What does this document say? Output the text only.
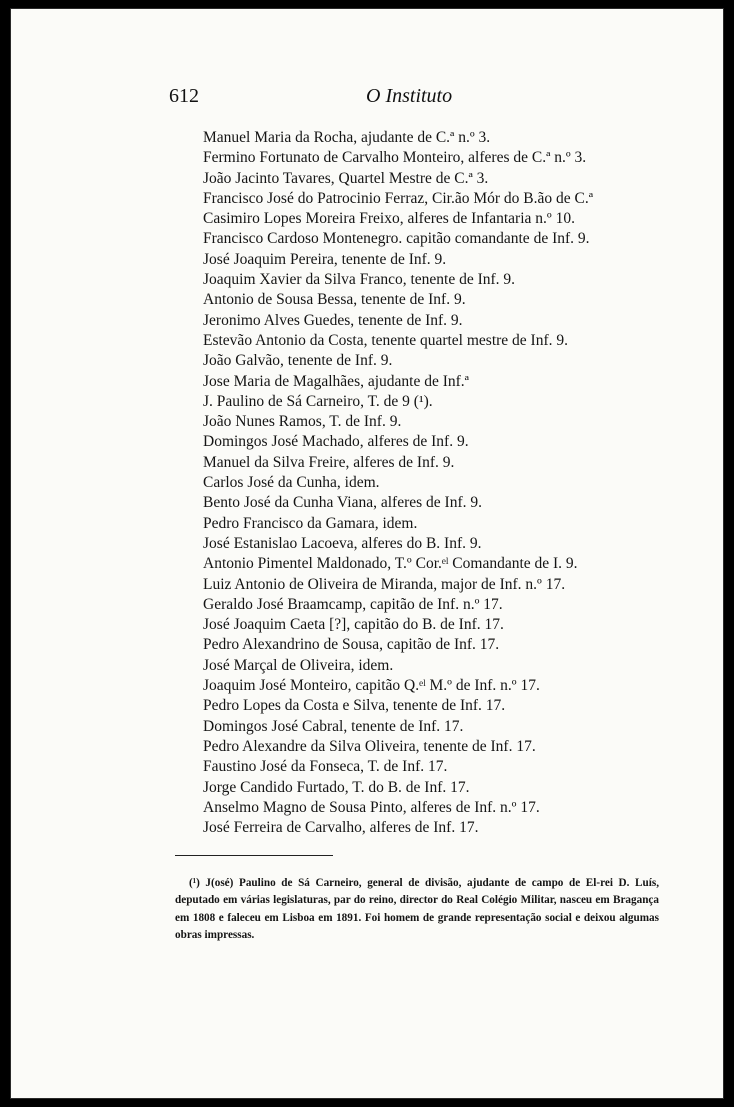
612	O Instituto
Manuel Maria da Rocha, ajudante de C.ª n.º 3.
Fermino Fortunato de Carvalho Monteiro, alferes de C.ª n.º 3.
João Jacinto Tavares, Quartel Mestre de C.ª 3.
Francisco José do Patrocinio Ferraz, Cir.ão Mór do B.ão de C.ª
Casimiro Lopes Moreira Freixo, alferes de Infantaria n.º 10.
Francisco Cardoso Montenegro. capitão comandante de Inf. 9.
José Joaquim Pereira, tenente de Inf. 9.
Joaquim Xavier da Silva Franco, tenente de Inf. 9.
Antonio de Sousa Bessa, tenente de Inf. 9.
Jeronimo Alves Guedes, tenente de Inf. 9.
Estevão Antonio da Costa, tenente quartel mestre de Inf. 9.
João Galvão, tenente de Inf. 9.
Jose Maria de Magalhães, ajudante de Inf.ª
J. Paulino de Sá Carneiro, T. de 9 (¹).
João Nunes Ramos, T. de Inf. 9.
Domingos José Machado, alferes de Inf. 9.
Manuel da Silva Freire, alferes de Inf. 9.
Carlos José da Cunha, idem.
Bento José da Cunha Viana, alferes de Inf. 9.
Pedro Francisco da Gamara, idem.
José Estanislao Lacoeva, alferes do B. Inf. 9.
Antonio Pimentel Maldonado, T.º Cor.ᵉˡ Comandante de I. 9.
Luiz Antonio de Oliveira de Miranda, major de Inf. n.º 17.
Geraldo José Braamcamp, capitão de Inf. n.º 17.
José Joaquim Caeta [?], capitão do B. de Inf. 17.
Pedro Alexandrino de Sousa, capitão de Inf. 17.
José Marçal de Oliveira, idem.
Joaquim José Monteiro, capitão Q.ᵉˡ M.º de Inf. n.º 17.
Pedro Lopes da Costa e Silva, tenente de Inf. 17.
Domingos José Cabral, tenente de Inf. 17.
Pedro Alexandre da Silva Oliveira, tenente de Inf. 17.
Faustino José da Fonseca, T. de Inf. 17.
Jorge Candido Furtado, T. do B. de Inf. 17.
Anselmo Magno de Sousa Pinto, alferes de Inf. n.º 17.
José Ferreira de Carvalho, alferes de Inf. 17.
(¹) J(osé) Paulino de Sá Carneiro, general de divisão, ajudante de campo de El-rei D. Luís, deputado em várias legislaturas, par do reino, director do Real Colégio Militar, nasceu em Bragança em 1808 e faleceu em Lisboa em 1891. Foi homem de grande representação social e deixou algumas obras impressas.
